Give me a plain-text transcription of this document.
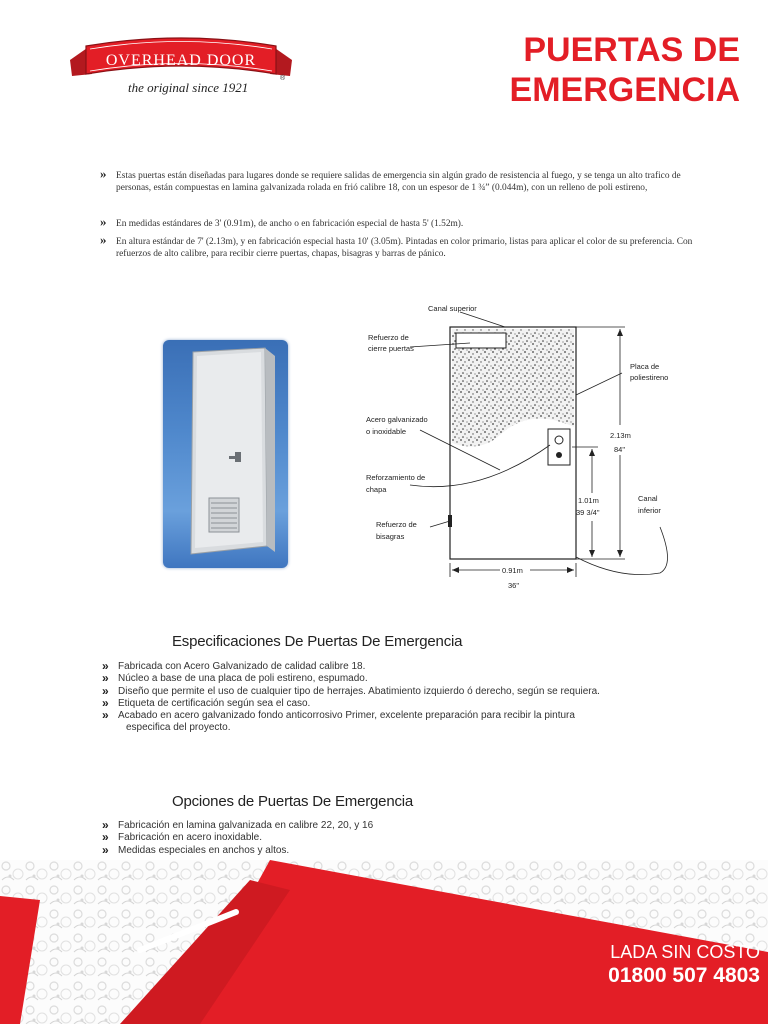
OVERHEAD DOOR
®
the original since 1921
PUERTAS DE
EMERGENCIA
» Estas puertas están diseñadas para lugares donde se requiere salidas de emergencia sin algún grado de resistencia al fuego, y se tenga un alto trafico de personas, están compuestas en lamina galvanizada rolada en frió calibre 18, con un espesor de 1 ¾” (0.044m), con un relleno de poli estireno,
» En medidas estándares de 3' (0.91m), de ancho o en fabricación especial de hasta 5' (1.52m).
» En altura estándar de 7' (2.13m), y en fabricación especial hasta 10' (3.05m). Pintadas en color primario, listas para aplicar el color de su preferencia. Con refuerzos de alto calibre, para recibir cierre puertas, chapas, bisagras y barras de pánico.
Canal superior
Refuerzo de
cierre puertas
Placa de
poliestireno
Acero galvanizado
o inoxidable
Reforzamiento de
chapa
Refuerzo de
bisagras
2.13m
84"
1.01m
39 3/4"
Canal
inferior
0.91m
36"
Especificaciones De Puertas De Emergencia
» Fabricada con Acero Galvanizado de calidad calibre 18.
» Núcleo a base de una placa de poli estireno, espumado.
» Diseño que permite el uso de cualquier tipo de herrajes. Abatimiento izquierdo ó derecho, según se requiera.
» Etiqueta de certificación según sea el caso.
» Acabado en acero galvanizado fondo anticorrosivo Primer, excelente preparación para recibir la pintura
especifica del proyecto.
Opciones de Puertas De Emergencia
» Fabricación en lamina galvanizada en calibre 22, 20, y 16
» Fabricación en acero inoxidable.
» Medidas especiales en anchos y altos.
LADA SIN COSTO
01800 507 4803
